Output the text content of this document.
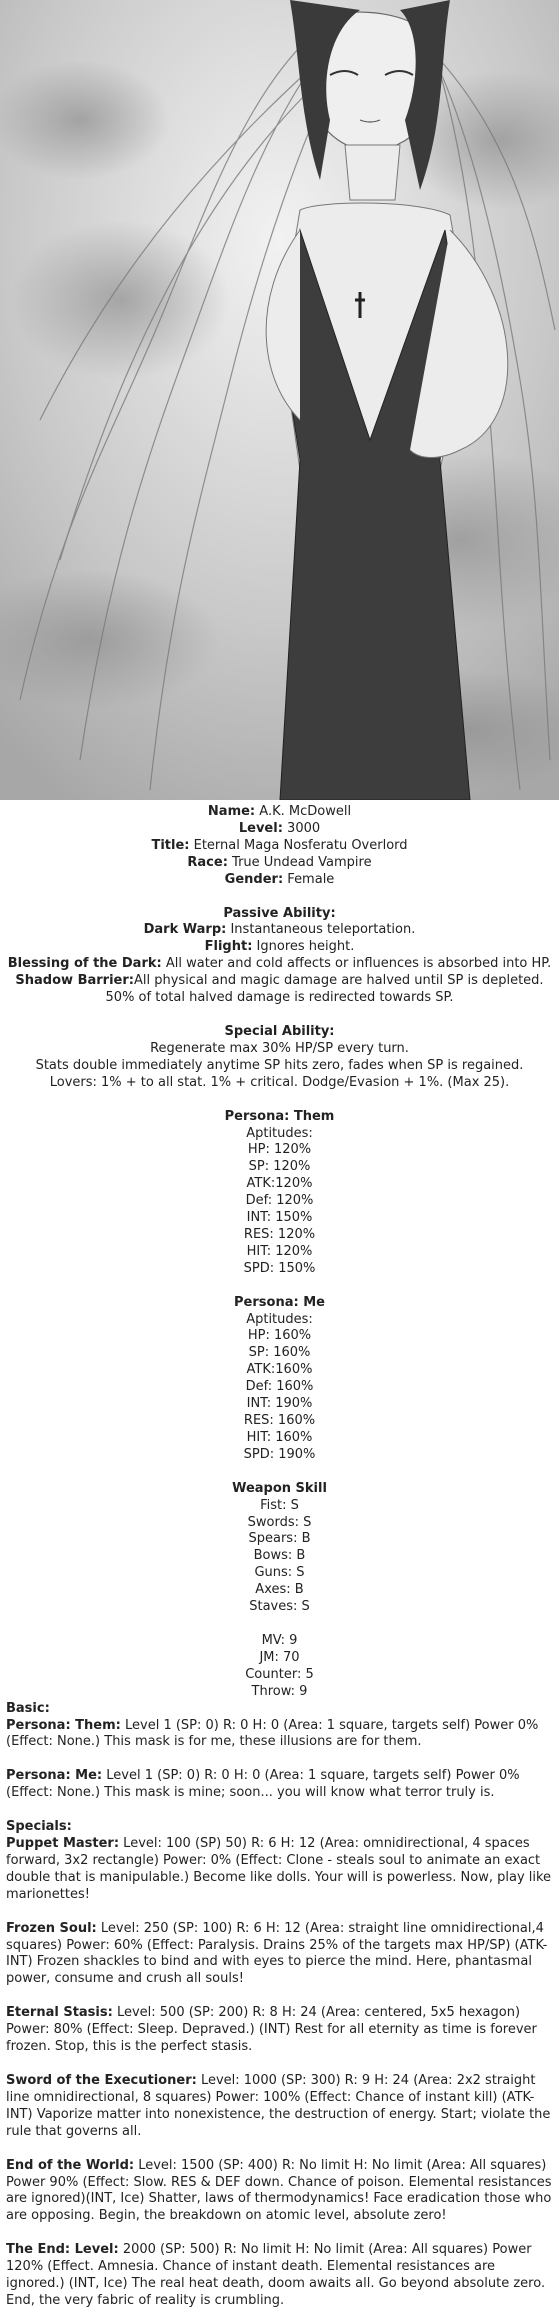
Name: A.K. McDowell
Level: 3000
Title: Eternal Maga Nosferatu Overlord
Race: True Undead Vampire
Gender: Female
Passive Ability:
Dark Warp: Instantaneous teleportation.
Flight: Ignores height.
Blessing of the Dark: All water and cold affects or influences is absorbed into HP.
Shadow Barrier:All physical and magic damage are halved until SP is depleted. 50% of total halved damage is redirected towards SP.
Special Ability:
Regenerate max 30% HP/SP every turn.
Stats double immediately anytime SP hits zero, fades when SP is regained.
Lovers: 1% + to all stat. 1% + critical. Dodge/Evasion + 1%. (Max 25).
Persona: Them
Aptitudes:
HP: 120%
SP: 120%
ATK:120%
Def: 120%
INT: 150%
RES: 120%
HIT: 120%
SPD: 150%
Persona: Me
Aptitudes:
HP: 160%
SP: 160%
ATK:160%
Def: 160%
INT: 190%
RES: 160%
HIT: 160%
SPD: 190%
Weapon Skill
Fist: S
Swords: S
Spears: B
Bows: B
Guns: S
Axes: B
Staves: S
MV: 9
JM: 70
Counter: 5
Throw: 9

Basic:

Persona: Them: Level 1 (SP: 0) R: 0 H: 0 (Area: 1 square, targets self) Power 0% (Effect: None.) This mask is for me, these illusions are for them.

Persona: Me: Level 1 (SP: 0) R: 0 H: 0 (Area: 1 square, targets self) Power 0% (Effect: None.) This mask is mine; soon... you will know what terror truly is.

Specials:

Puppet Master: Level: 100 (SP) 50) R: 6 H: 12 (Area: omnidirectional, 4 spaces forward, 3x2 rectangle) Power: 0% (Effect: Clone - steals soul to animate an exact double that is manipulable.) Become like dolls. Your will is powerless. Now, play like marionettes!

Frozen Soul: Level: 250 (SP: 100) R: 6 H: 12 (Area: straight line omnidirectional,4 squares) Power: 60% (Effect: Paralysis. Drains 25% of the targets max HP/SP) (ATK-INT) Frozen shackles to bind and with eyes to pierce the mind. Here, phantasmal power, consume and crush all souls!

Eternal Stasis: Level: 500 (SP: 200) R: 8 H: 24 (Area: centered, 5x5 hexagon) Power: 80% (Effect: Sleep. Depraved.) (INT) Rest for all eternity as time is forever frozen. Stop, this is the perfect stasis.

Sword of the Executioner: Level: 1000 (SP: 300) R: 9 H: 24 (Area: 2x2 straight line omnidirectional, 8 squares) Power: 100% (Effect: Chance of instant kill) (ATK-INT) Vaporize matter into nonexistence, the destruction of energy. Start; violate the rule that governs all.

End of the World: Level: 1500 (SP: 400) R: No limit H: No limit (Area: All squares) Power 90% (Effect: Slow. RES & DEF down. Chance of poison. Elemental resistances are ignored)(INT, Ice) Shatter, laws of thermodynamics! Face eradication those who are opposing. Begin, the breakdown on atomic level, absolute zero!

The End: Level: 2000 (SP: 500) R: No limit H: No limit (Area: All squares) Power 120% (Effect. Amnesia. Chance of instant death. Elemental resistances are ignored.) (INT, Ice) The real heat death, doom awaits all. Go beyond absolute zero. End, the very fabric of reality is crumbling.
